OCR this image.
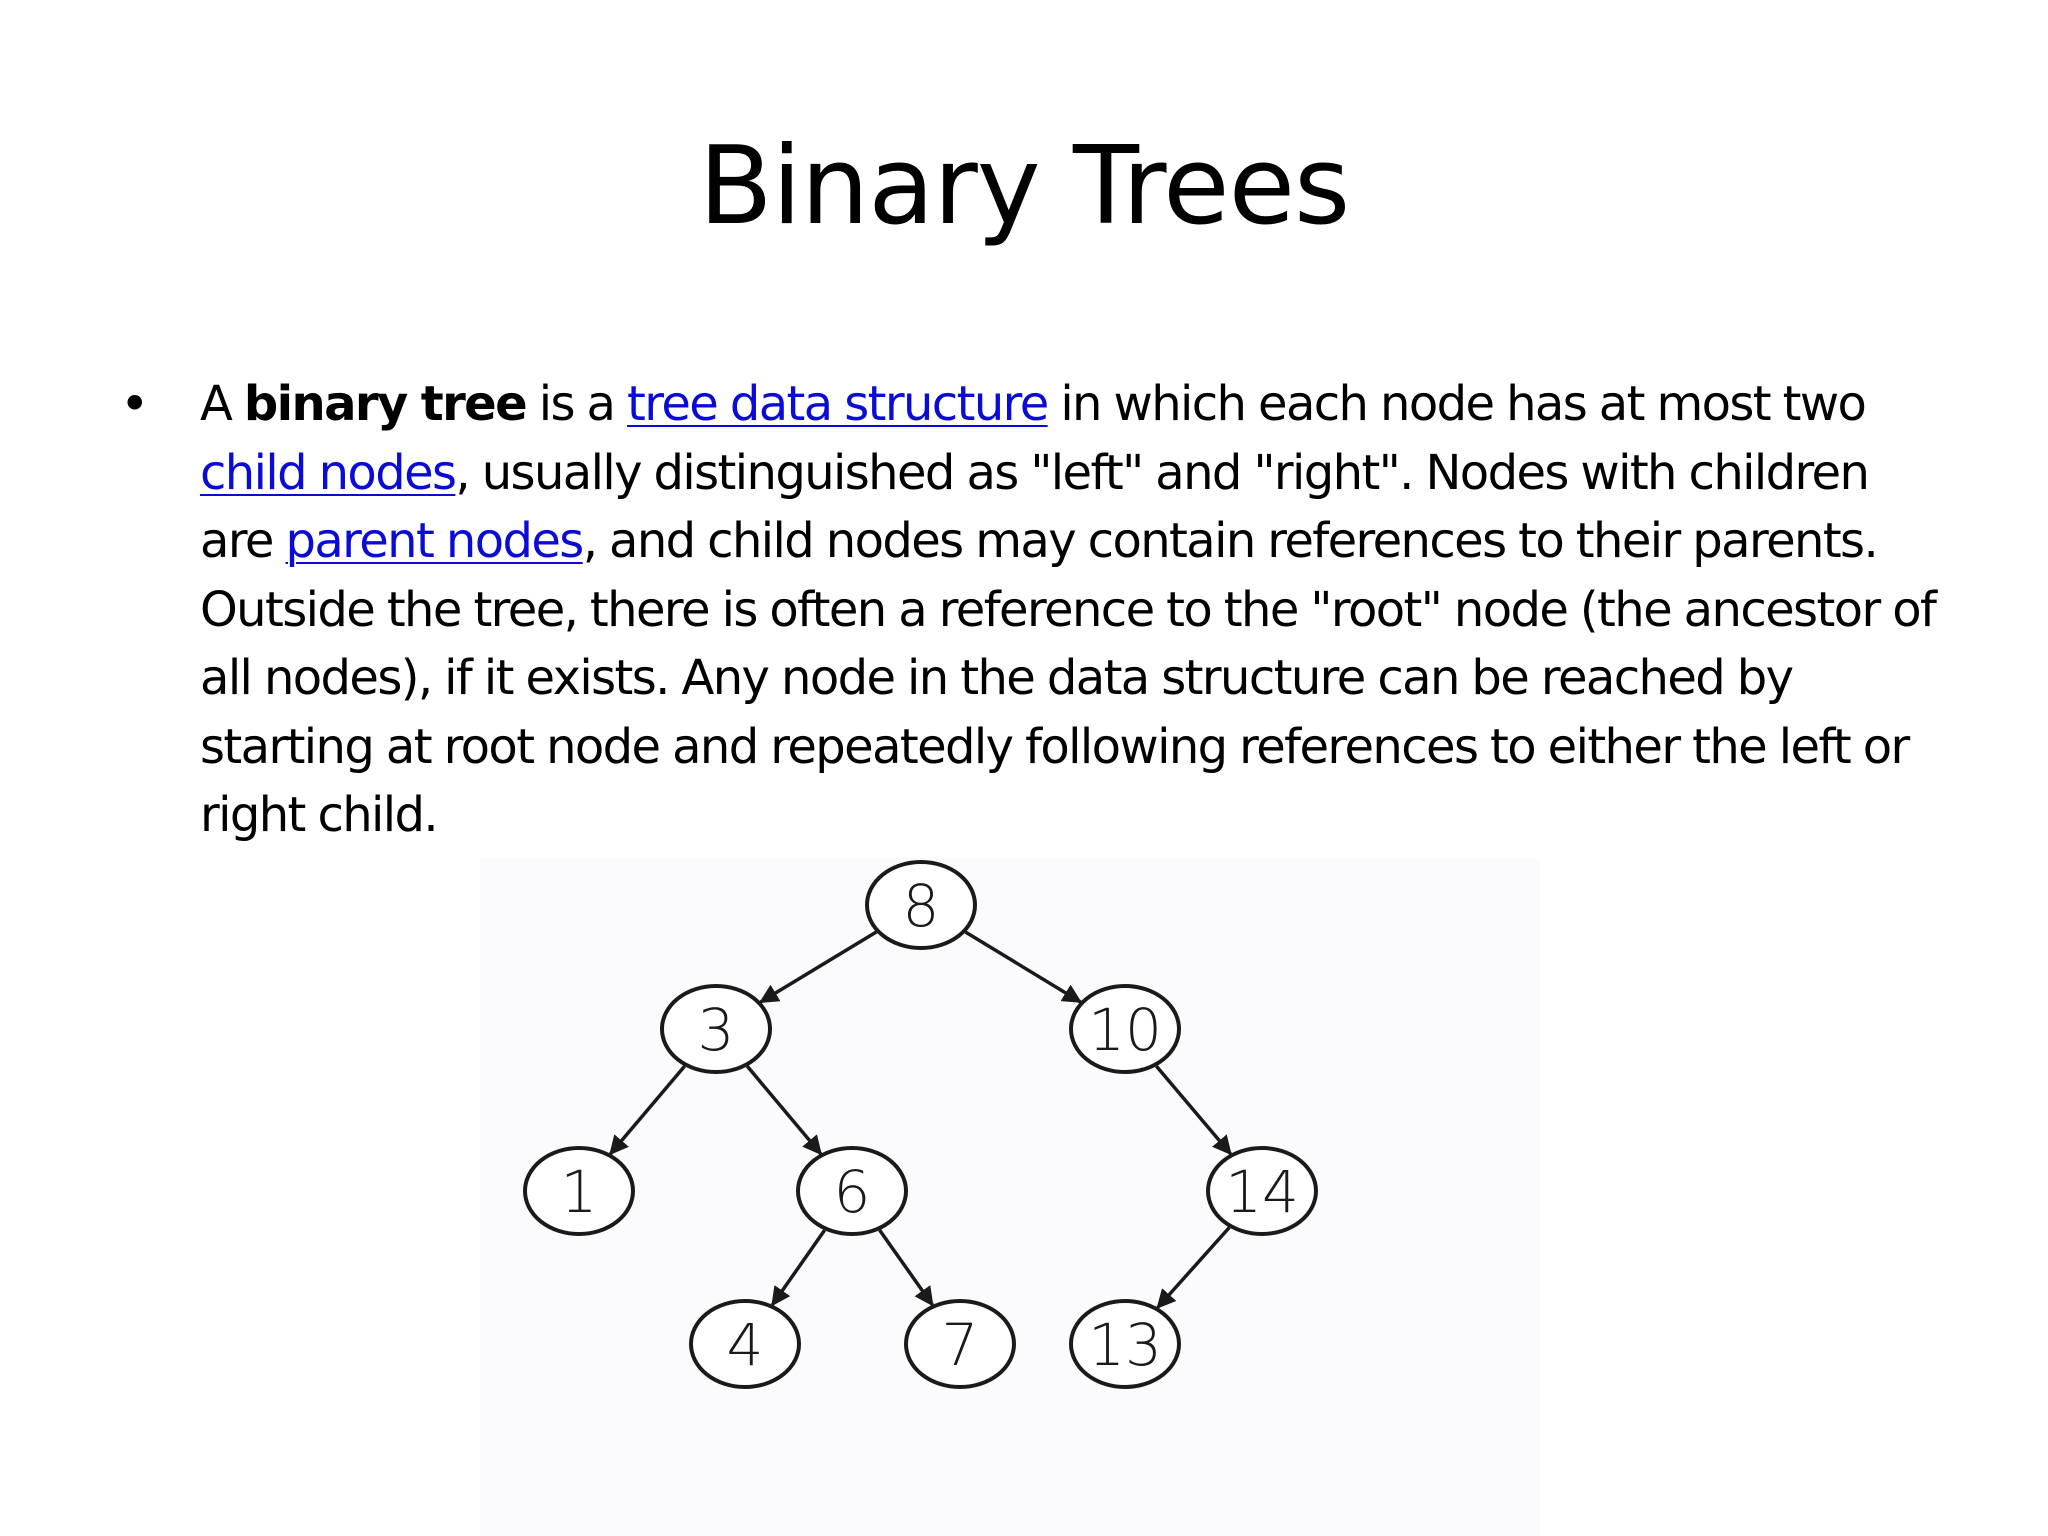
Binary Trees
• A binary tree is a tree data structure in which each node has at most two child nodes, usually distinguished as "left" and "right". Nodes with children are parent nodes, and child nodes may contain references to their parents. Outside the tree, there is often a reference to the "root" node (the ancestor of all nodes), if it exists. Any node in the data structure can be reached by starting at root node and repeatedly following references to either the left or right child.
8
3	10
1	6	14
4	7 13
